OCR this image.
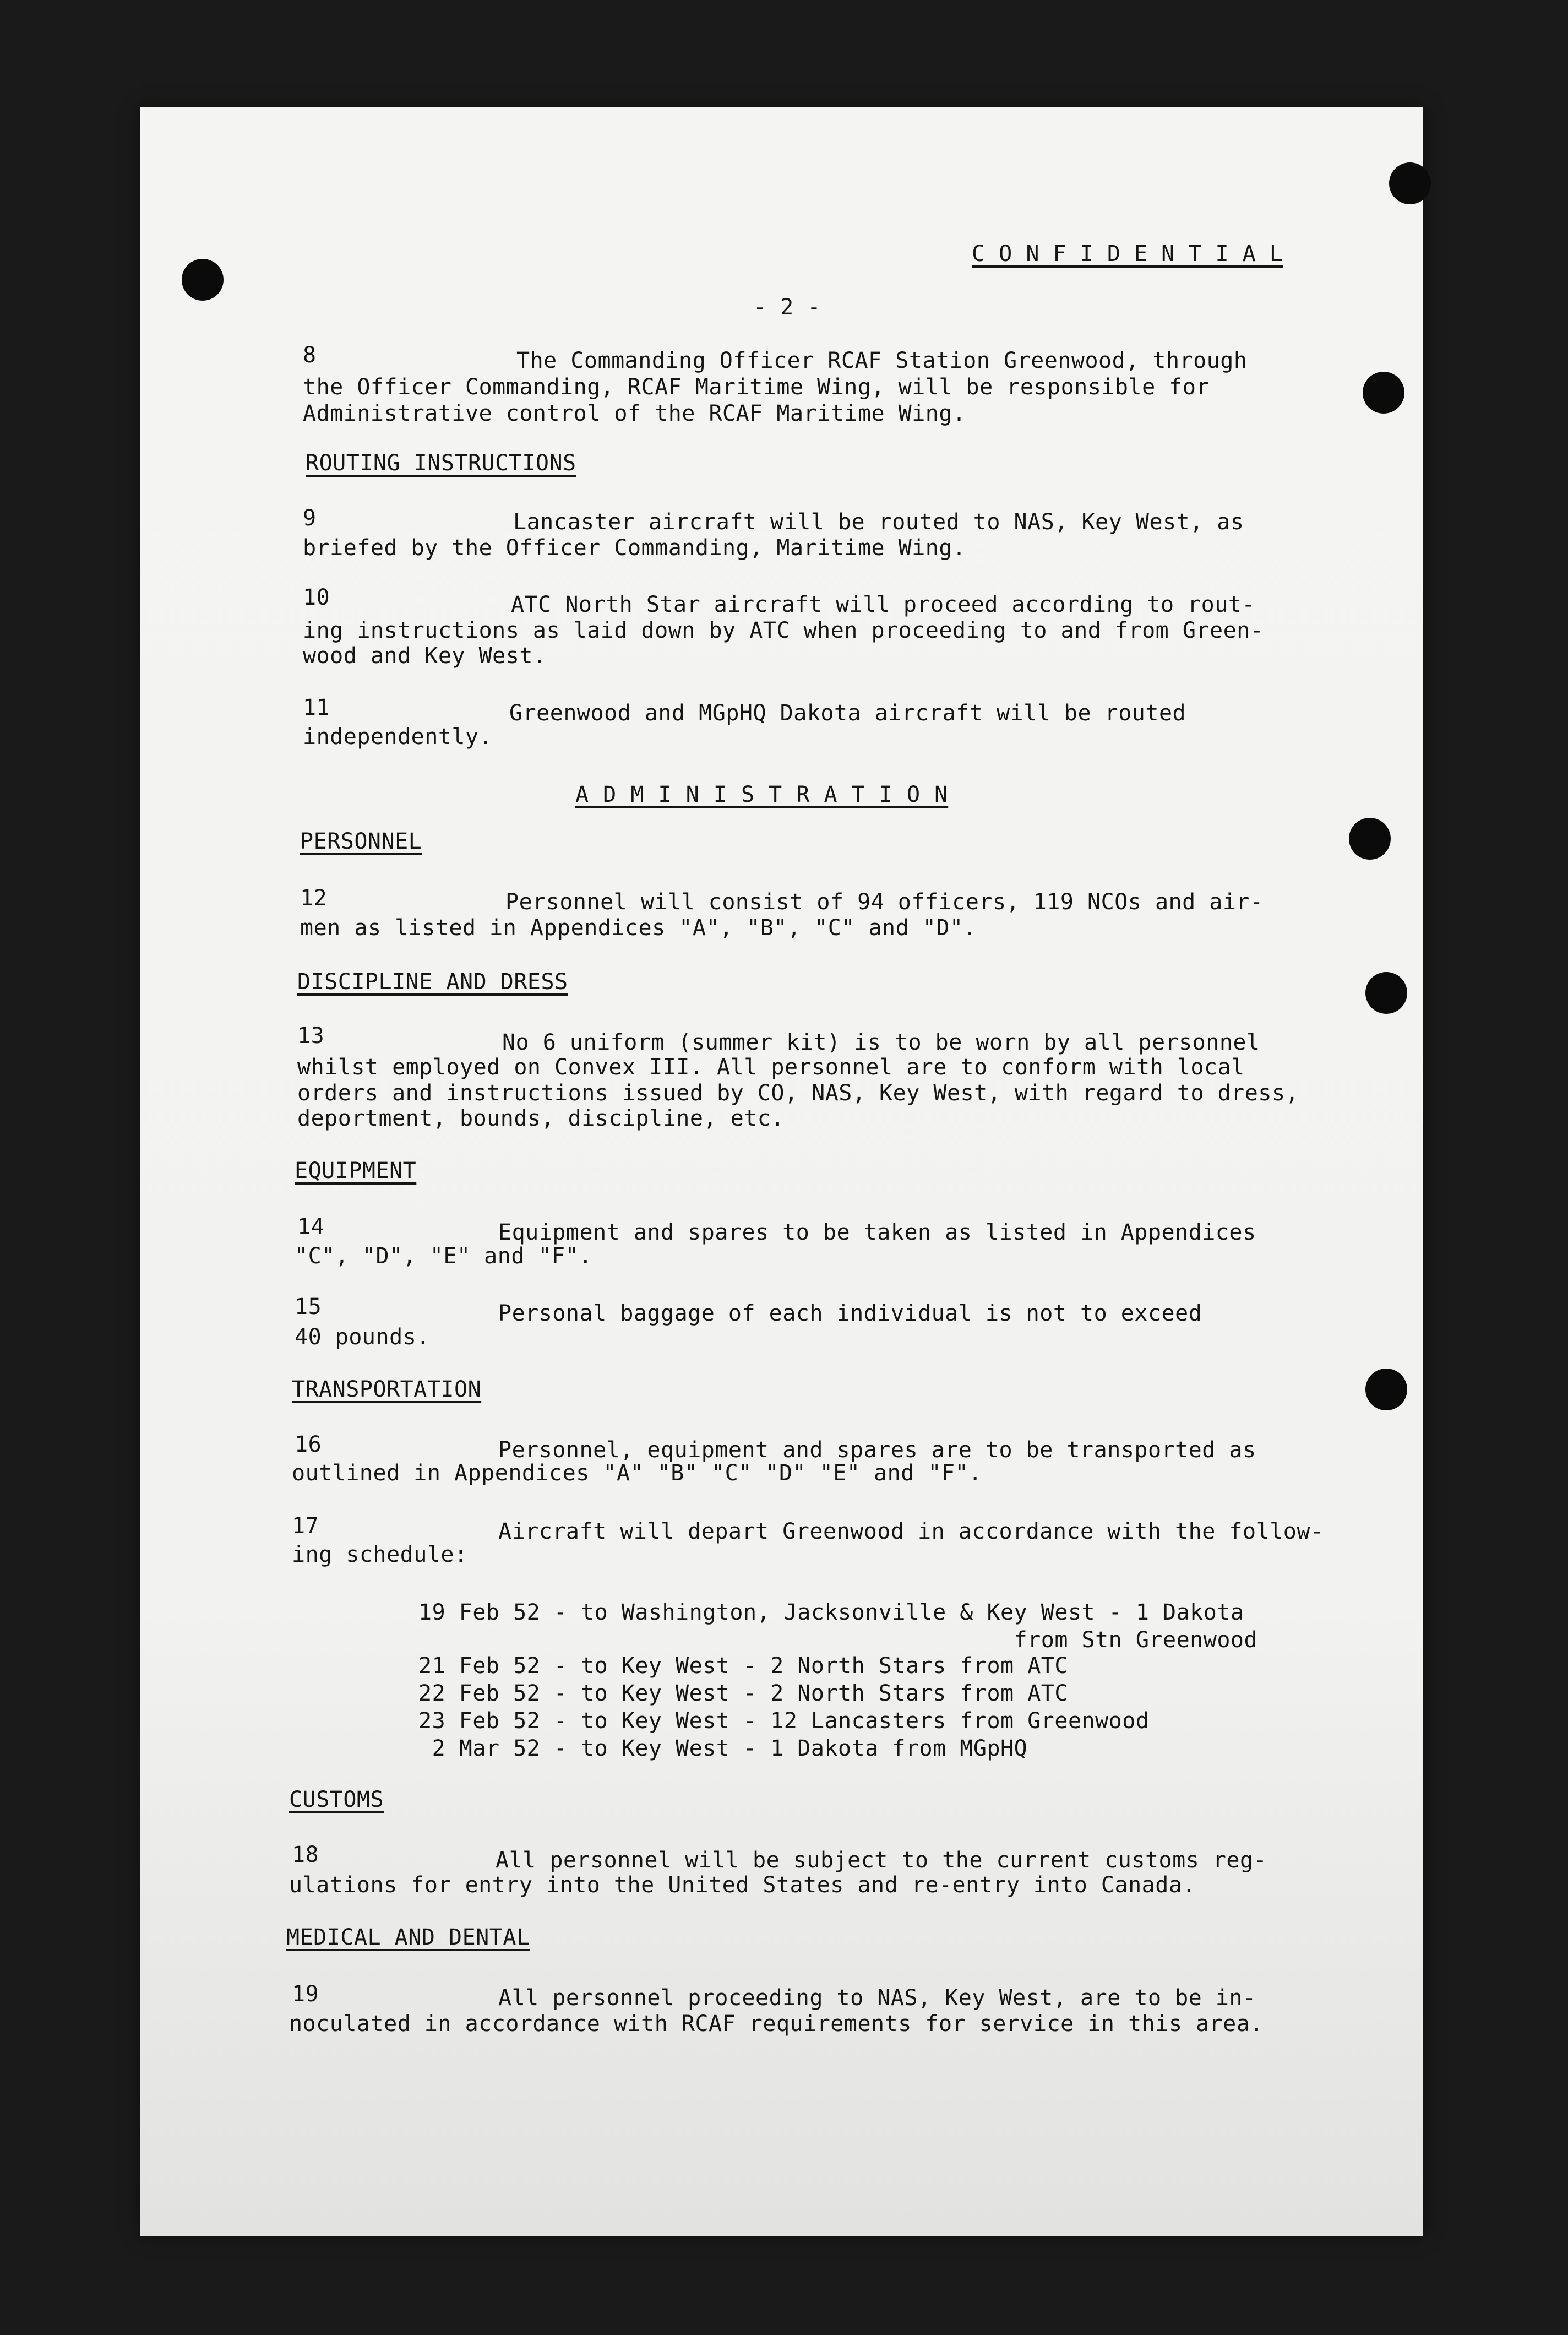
C O N F I D E N T I A L
- 2 -
8	The Commanding Officer RCAF Station Greenwood, through
the Officer Commanding, RCAF Maritime Wing, will be responsible for
Administrative control of the RCAF Maritime Wing.
ROUTING INSTRUCTIONS
9	Lancaster aircraft will be routed to NAS, Key West, as
briefed by the Officer Commanding, Maritime Wing.
10	ATC North Star aircraft will proceed according to rout-
ing instructions as laid down by ATC when proceeding to and from Green-
wood and Key West.
11	Greenwood and MGpHQ Dakota aircraft will be routed
independently.
A D M I N I S T R A T I O N
PERSONNEL
12	Personnel will consist of 94 officers, 119 NCOs and air-
men as listed in Appendices "A", "B", "C" and "D".
DISCIPLINE AND DRESS
13	No 6 uniform (summer kit) is to be worn by all personnel
whilst employed on Convex III. All personnel are to conform with local
orders and instructions issued by CO, NAS, Key West, with regard to dress,
deportment, bounds, discipline, etc.
EQUIPMENT
14	Equipment and spares to be taken as listed in Appendices
"C", "D", "E" and "F".
15	Personal baggage of each individual is not to exceed
40 pounds.
TRANSPORTATION
16	Personnel, equipment and spares are to be transported as
outlined in Appendices "A" "B" "C" "D" "E" and "F".
17	Aircraft will depart Greenwood in accordance with the follow-
ing schedule:
19 Feb 52 - to Washington, Jacksonville & Key West - 1 Dakota
from Stn Greenwood
21 Feb 52 - to Key West - 2 North Stars from ATC
22 Feb 52 - to Key West - 2 North Stars from ATC
23 Feb 52 - to Key West - 12 Lancasters from Greenwood
2 Mar 52 - to Key West - 1 Dakota from MGpHQ
CUSTOMS
18	All personnel will be subject to the current customs reg-
ulations for entry into the United States and re-entry into Canada.
MEDICAL AND DENTAL
19	All personnel proceeding to NAS, Key West, are to be in-
noculated in accordance with RCAF requirements for service in this area.
